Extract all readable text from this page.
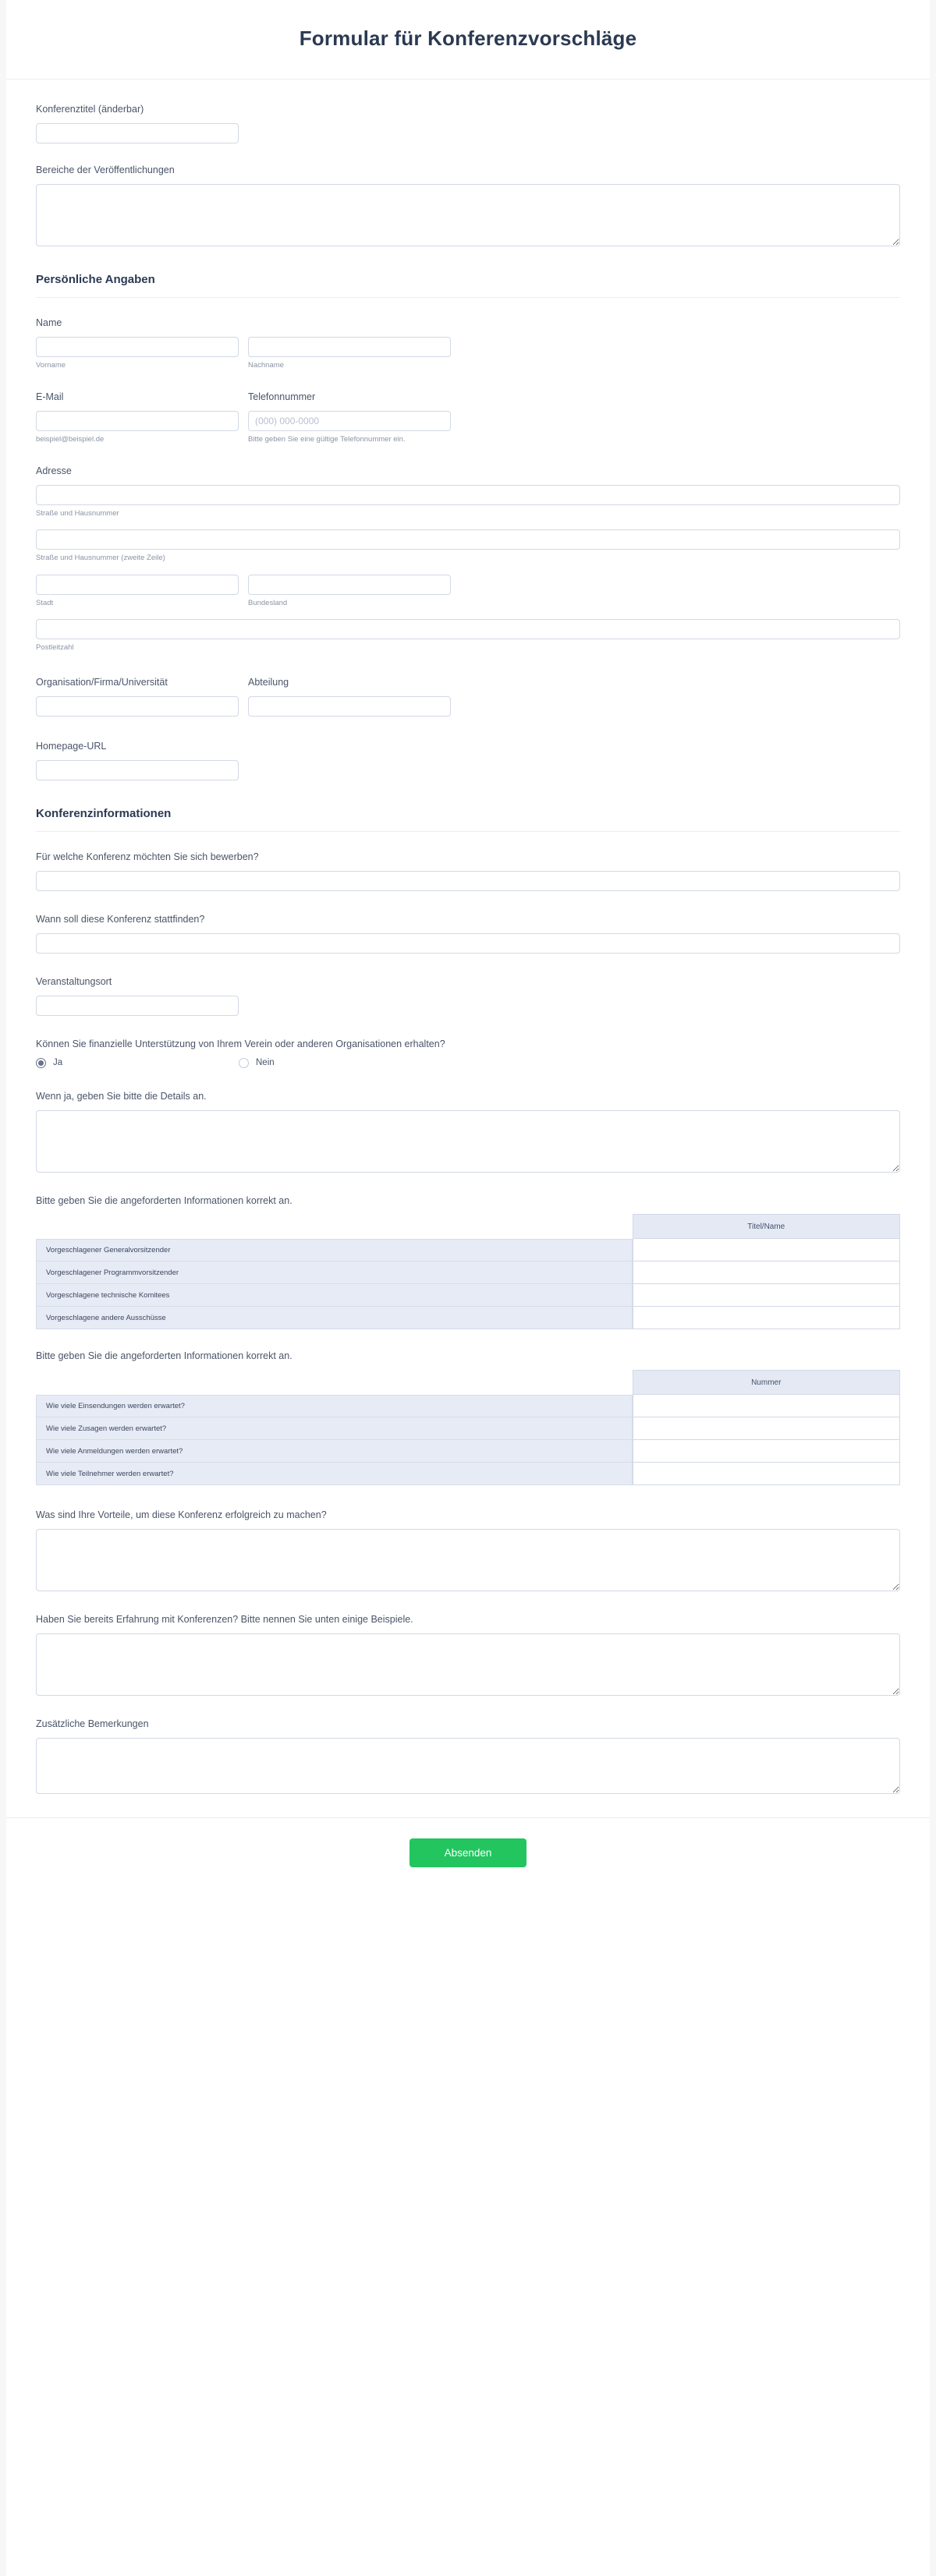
Formular für Konferenzvorschläge
Konferenztitel (änderbar)
Bereiche der Veröffentlichungen
Persönliche Angaben
Name
Vorname	Nachname
E-Mail	Telefonnummer
beispiel@beispiel.de
(000) 000-0000	Bitte geben Sie eine gültige Telefonnummer ein.
Adresse
Straße und Hausnummer
Straße und Hausnummer (zweite Zeile)
Stadt	Bundesland
Postleitzahl
Organisation/Firma/Universität	Abteilung
Homepage-URL
Konferenzinformationen
Für welche Konferenz möchten Sie sich bewerben?
Wann soll diese Konferenz stattfinden?
Veranstaltungsort
Können Sie finanzielle Unterstützung von Ihrem Verein oder anderen Organisationen erhalten?
Ja	Nein
Wenn ja, geben Sie bitte die Details an.
Bitte geben Sie die angeforderten Informationen korrekt an.
	Titel/Name
Vorgeschlagener Generalvorsitzender	
Vorgeschlagener Programmvorsitzender	
Vorgeschlagene technische Komitees	
Vorgeschlagene andere Ausschüsse	
Bitte geben Sie die angeforderten Informationen korrekt an.
	Nummer
Wie viele Einsendungen werden erwartet?	
Wie viele Zusagen werden erwartet?	
Wie viele Anmeldungen werden erwartet?	
Wie viele Teilnehmer werden erwartet?	
Was sind Ihre Vorteile, um diese Konferenz erfolgreich zu machen?
Haben Sie bereits Erfahrung mit Konferenzen? Bitte nennen Sie unten einige Beispiele.
Zusätzliche Bemerkungen
Absenden
